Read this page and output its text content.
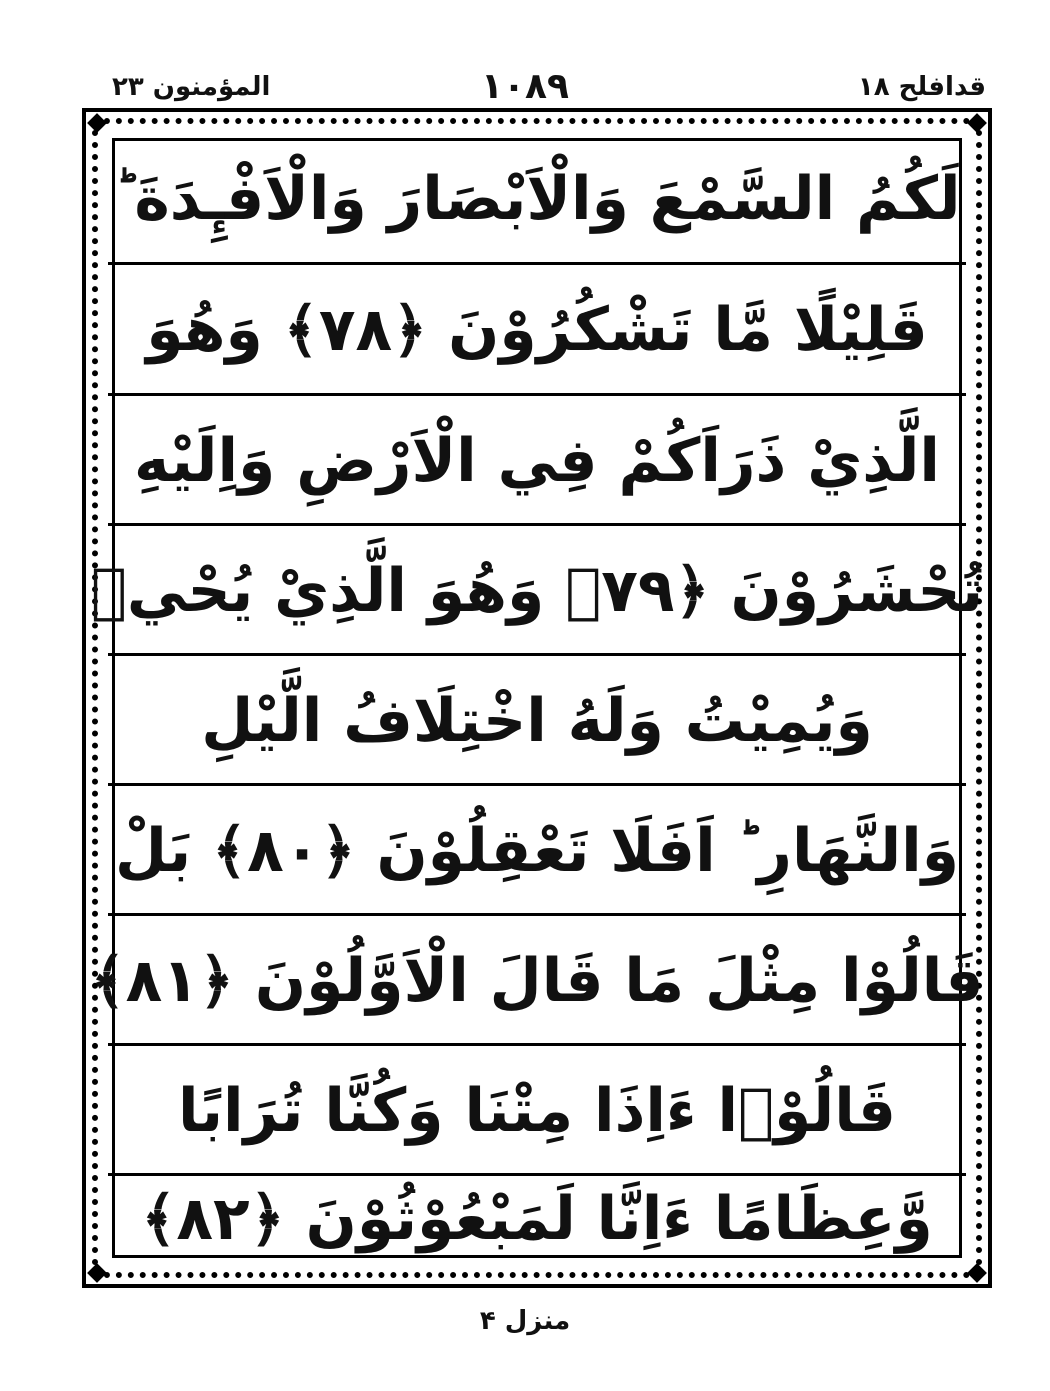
المؤمنون ۲۳	۱۰۸۹	قدافلح ۱۸
لَكُمُ السَّمْعَ وَالْاَبْصَارَ وَالْاَفْـِٕدَةَ ؕ
قَلِيْلًا مَّا تَشْكُرُوْنَ ﴿۷۸﴾ وَهُوَ
الَّذِيْ ذَرَاَكُمْ فِي الْاَرْضِ وَاِلَيْهِ
تُحْشَرُوْنَ ﴿۷۹﴾ وَهُوَ الَّذِيْ يُحْيٖ
وَيُمِيْتُ وَلَهُ اخْتِلَافُ الَّيْلِ
وَالنَّهَارِ ؕ اَفَلَا تَعْقِلُوْنَ ﴿۸۰﴾ بَلْ
قَالُوْا مِثْلَ مَا قَالَ الْاَوَّلُوْنَ ﴿۸۱﴾
قَالُوْۤا ءَاِذَا مِتْنَا وَكُنَّا تُرَابًا
وَّعِظَامًا ءَاِنَّا لَمَبْعُوْثُوْنَ ﴿۸۲﴾
منزل ۴
